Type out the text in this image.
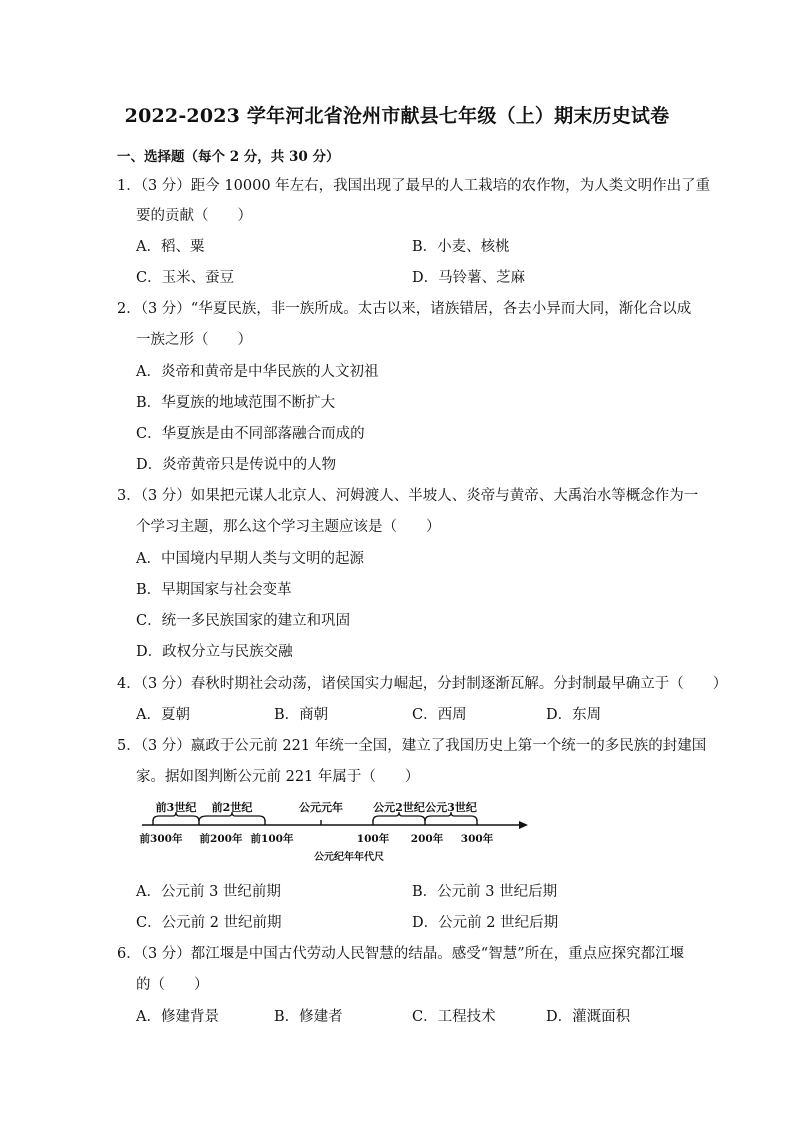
2022-2023 学年河北省沧州市献县七年级（上）期末历史试卷
一、选择题（每个 2 分，共 30 分）
1．（3 分）距今 10000 年左右，我国出现了最早的人工栽培的农作物，为人类文明作出了重
要的贡献（　　）
A．稻、粟	B．小麦、核桃
C．玉米、蚕豆	D．马铃薯、芝麻
2．（3 分）“华夏民族，非一族所成。太古以来，诸族错居，各去小异而大同，渐化合以成
一族之形（　　）
A．炎帝和黄帝是中华民族的人文初祖
B．华夏族的地域范围不断扩大
C．华夏族是由不同部落融合而成的
D．炎帝黄帝只是传说中的人物
3．（3 分）如果把元谋人北京人、河姆渡人、半坡人、炎帝与黄帝、大禹治水等概念作为一
个学习主题，那么这个学习主题应该是（　　）
A．中国境内早期人类与文明的起源
B．早期国家与社会变革
C．统一多民族国家的建立和巩固
D．政权分立与民族交融
4．（3 分）春秋时期社会动荡，诸侯国实力崛起，分封制逐渐瓦解。分封制最早确立于（　　）
A．夏朝	B．商朝	C．西周	D．东周
5．（3 分）嬴政于公元前 221 年统一全国，建立了我国历史上第一个统一的多民族的封建国
家。据如图判断公元前 221 年属于（　　）
前3世纪 前2世纪	公元元年	公元2世纪 公元3世纪
前300年 前200年 前100年	100年 200年 300年
公元纪年年代尺
A．公元前 3 世纪前期	B．公元前 3 世纪后期
C．公元前 2 世纪前期	D．公元前 2 世纪后期
6．（3 分）都江堰是中国古代劳动人民智慧的结晶。感受“智慧”所在，重点应探究都江堰
的（　　）
A．修建背景	B．修建者	C．工程技术	D．灌溉面积
